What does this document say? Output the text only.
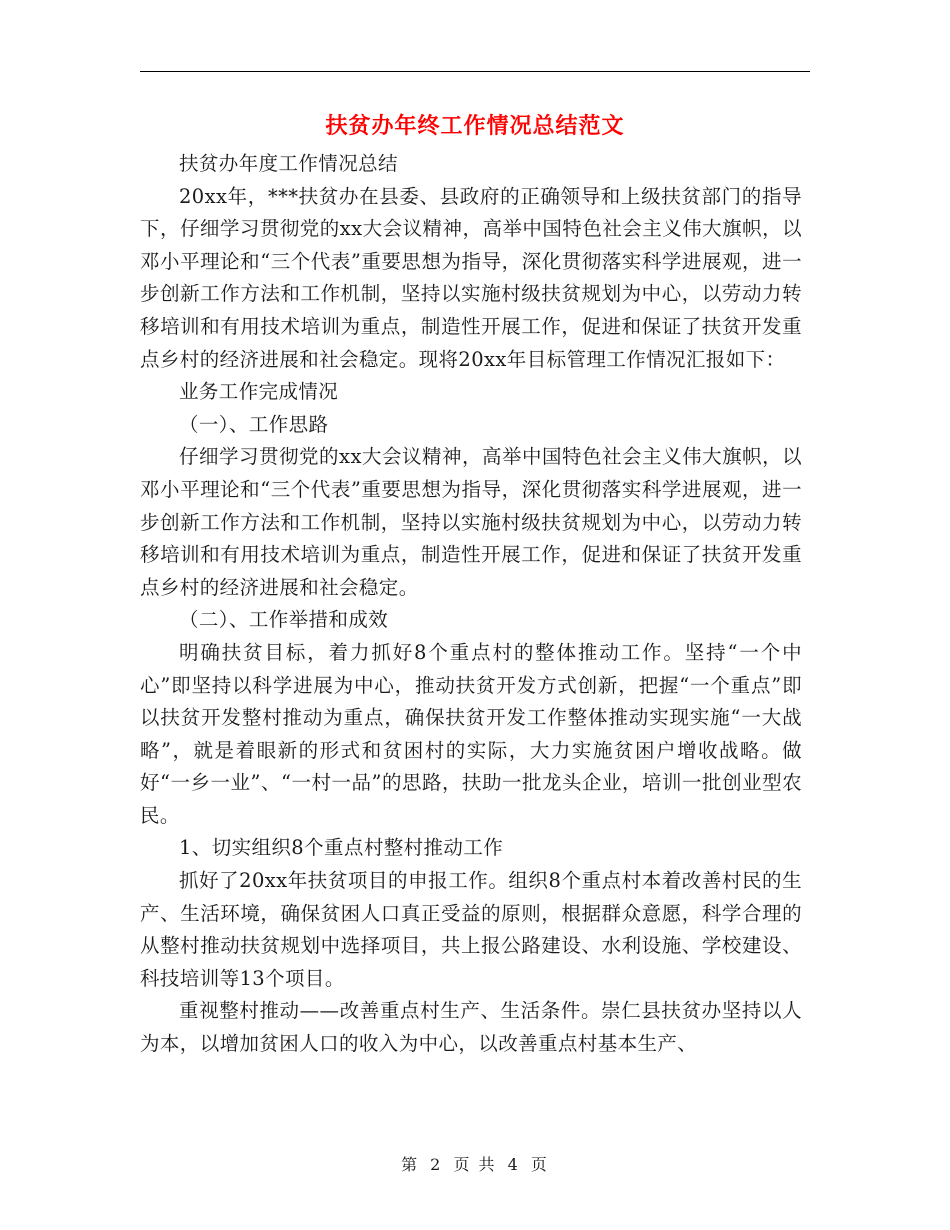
扶贫办年终工作情况总结范文

扶贫办年度工作情况总结

20xx年，***扶贫办在县委、县政府的正确领导和上级扶贫部门的指导下，仔细学习贯彻党的xx大会议精神，高举中国特色社会主义伟大旗帜，以邓小平理论和“三个代表”重要思想为指导，深化贯彻落实科学进展观，进一步创新工作方法和工作机制，坚持以实施村级扶贫规划为中心，以劳动力转移培训和有用技术培训为重点，制造性开展工作，促进和保证了扶贫开发重点乡村的经济进展和社会稳定。现将20xx年目标管理工作情况汇报如下：

业务工作完成情况

（一）、工作思路

仔细学习贯彻党的xx大会议精神，高举中国特色社会主义伟大旗帜，以邓小平理论和“三个代表”重要思想为指导，深化贯彻落实科学进展观，进一步创新工作方法和工作机制，坚持以实施村级扶贫规划为中心，以劳动力转移培训和有用技术培训为重点，制造性开展工作，促进和保证了扶贫开发重点乡村的经济进展和社会稳定。

（二）、工作举措和成效

明确扶贫目标，着力抓好8个重点村的整体推动工作。坚持“一个中心”即坚持以科学进展为中心，推动扶贫开发方式创新，把握“一个重点”即以扶贫开发整村推动为重点，确保扶贫开发工作整体推动实现实施“一大战略”，就是着眼新的形式和贫困村的实际，大力实施贫困户增收战略。做好“一乡一业”、“一村一品”的思路，扶助一批龙头企业，培训一批创业型农民。

1、切实组织8个重点村整村推动工作

抓好了20xx年扶贫项目的申报工作。组织8个重点村本着改善村民的生产、生活环境，确保贫困人口真正受益的原则，根据群众意愿，科学合理的从整村推动扶贫规划中选择项目，共上报公路建设、水利设施、学校建设、科技培训等13个项目。

重视整村推动——改善重点村生产、生活条件。崇仁县扶贫办坚持以人为本，以增加贫困人口的收入为中心，以改善重点村基本生产、

第 2 页 共 4 页
